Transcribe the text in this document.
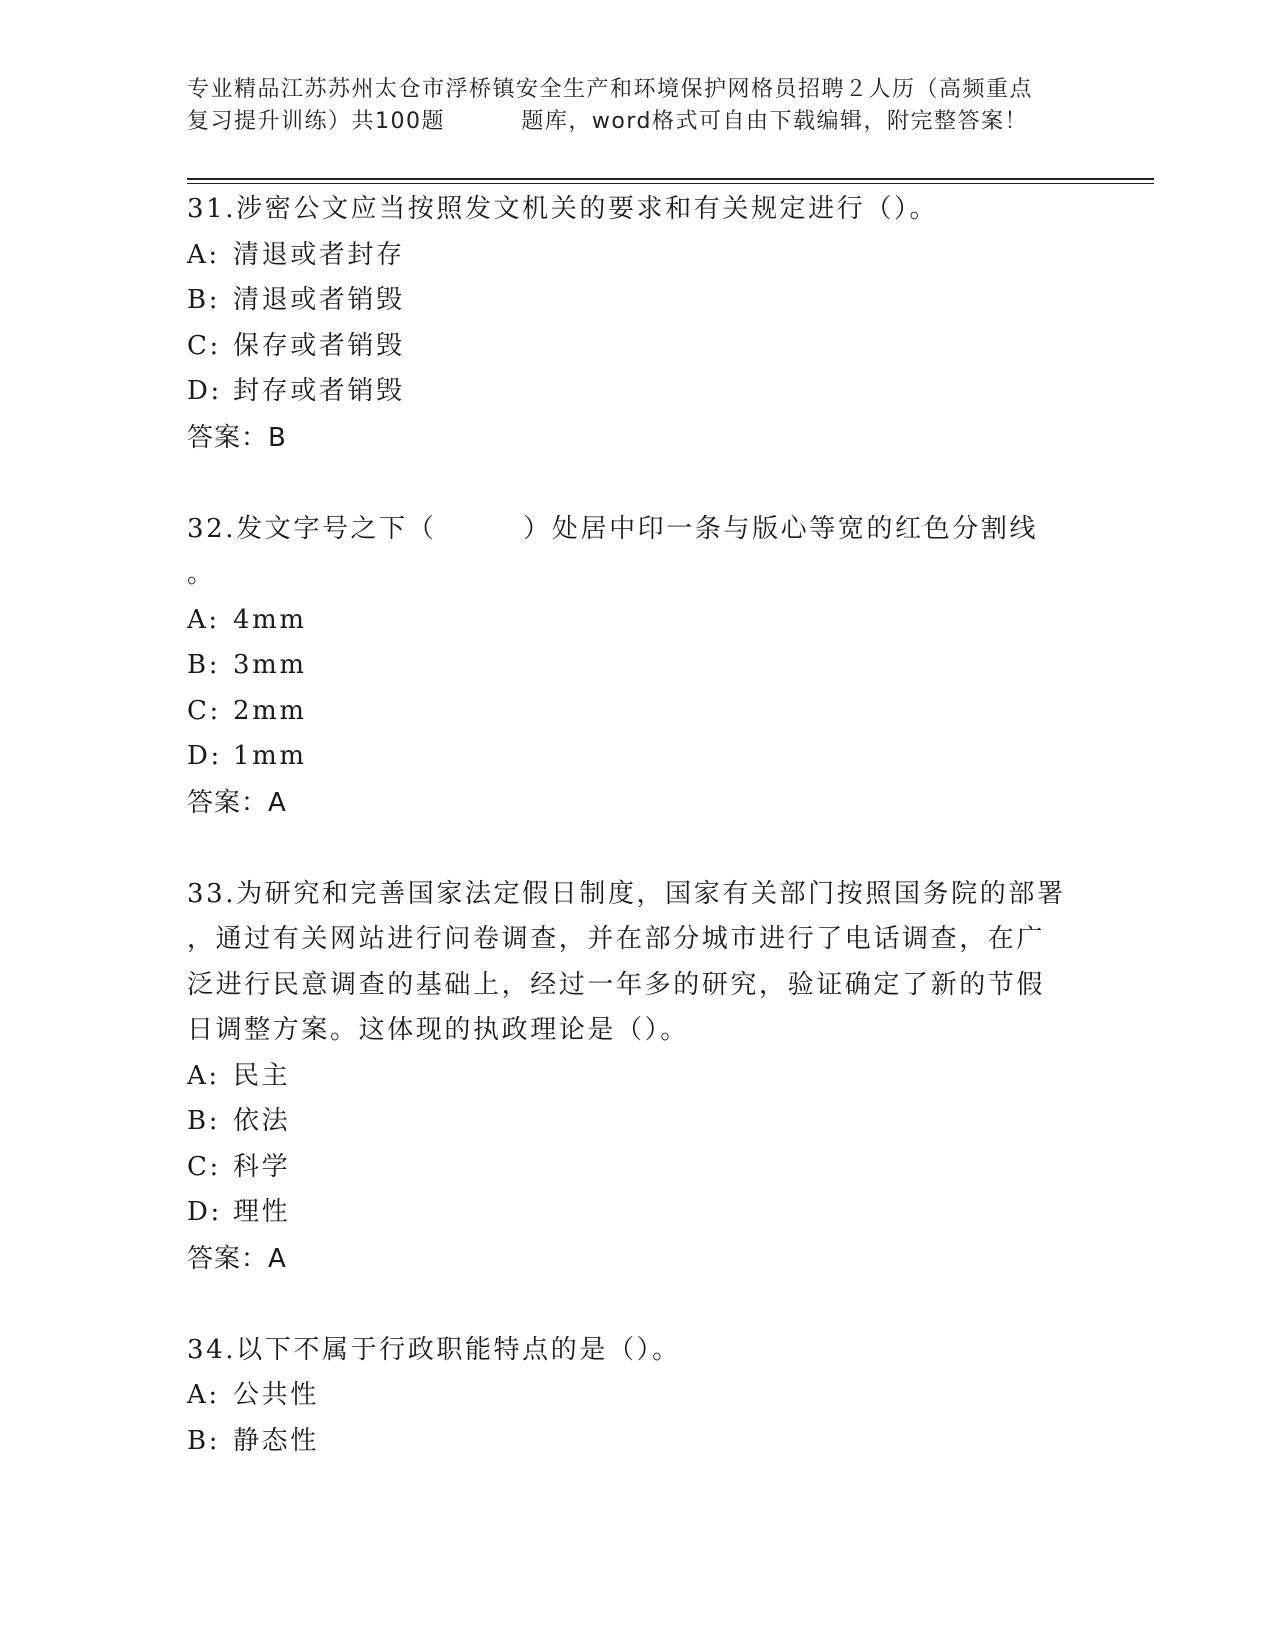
专业精品江苏苏州太仓市浮桥镇安全生产和环境保护网格员招聘２人历（高频重点
复习提升训练）共100题         题库，word格式可自由下载编辑，附完整答案！
31.涉密公文应当按照发文机关的要求和有关规定进行（）。
A: 清退或者封存
B: 清退或者销毁
C: 保存或者销毁
D: 封存或者销毁
答案：B
32.发文字号之下（        ）处居中印一条与版心等宽的红色分割线
。
A: 4mm
B: 3mm
C: 2mm
D: 1mm
答案：A
33.为研究和完善国家法定假日制度，国家有关部门按照国务院的部署
，通过有关网站进行问卷调查，并在部分城市进行了电话调查，在广
泛进行民意调查的基础上，经过一年多的研究，验证确定了新的节假
日调整方案。这体现的执政理论是（）。
A: 民主
B: 依法
C: 科学
D: 理性
答案：A
34.以下不属于行政职能特点的是（）。
A: 公共性
B: 静态性
